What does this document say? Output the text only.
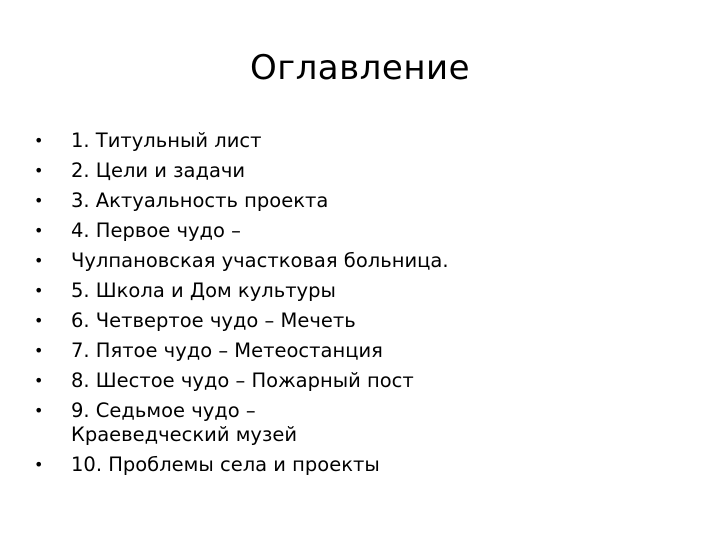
Оглавление
• 1. Титульный лист
• 2. Цели и задачи
• 3. Актуальность проекта
• 4. Первое чудо –
• Чулпановская участковая больница.
• 5. Школа и Дом культуры
• 6. Четвертое чудо – Мечеть
• 7. Пятое чудо – Метеостанция
• 8. Шестое чудо – Пожарный пост
• 9. Седьмое чудо – Краеведческий музей
• 10. Проблемы села и проекты
